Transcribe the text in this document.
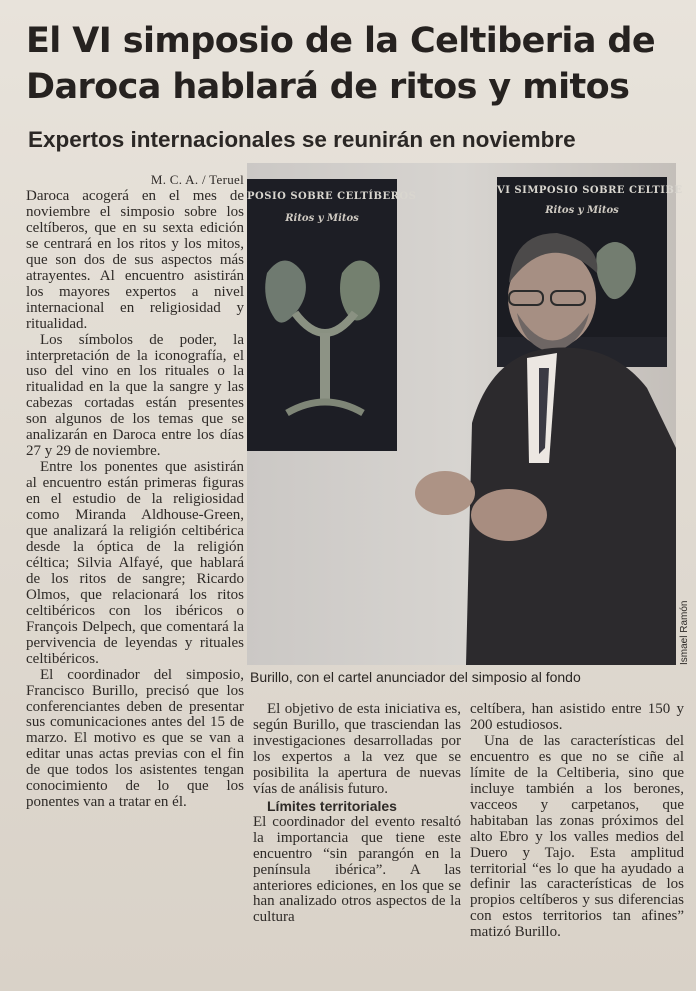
El VI simposio de la Celtiberia de Daroca hablará de ritos y mitos
Expertos internacionales se reunirán en noviembre
M. C. A. / Teruel

Daroca acogerá en el mes de noviembre el simposio sobre los celtíberos, que en su sexta edición se centrará en los ritos y los mitos, que son dos de sus aspectos más atrayentes. Al encuentro asistirán los mayores expertos a nivel internacional en religiosidad y ritualidad.

Los símbolos de poder, la interpretación de la iconografía, el uso del vino en los rituales o la ritualidad en la que la sangre y las cabezas cortadas están presentes son algunos de los temas que se analizarán en Daroca entre los días 27 y 29 de noviembre.

Entre los ponentes que asistirán al encuentro están primeras figuras en el estudio de la religiosidad como Miranda Aldhouse-Green, que analizará la religión celtibérica desde la óptica de la religión céltica; Silvia Alfayé, que hablará de los ritos de sangre; Ricardo Olmos, que relacionará los ritos celtibéricos con los ibéricos o François Delpech, que comentará la pervivencia de leyendas y rituales celtibéricos.

El coordinador del simposio, Francisco Burillo, precisó que los conferenciantes deben de presentar sus comunicaciones antes del 15 de marzo. El motivo es que se van a editar unas actas previas con el fin de que todos los asistentes tengan conocimiento de lo que los ponentes van a tratar en él.

POSIO SOBRE CELTÍBEROS
Ritos y Mitos
VI SIMPOSIO SOBRE CELTIBE
Ritos y Mitos
Ismael Ramón

Burillo, con el cartel anunciador del simposio al fondo

El objetivo de esta iniciativa es, según Burillo, que trasciendan las investigaciones desarrolladas por los expertos a la vez que se posibilita la apertura de nuevas vías de análisis futuro.

Límites territoriales

El coordinador del evento resaltó la importancia que tiene este encuentro “sin parangón en la península ibérica”. A las anteriores ediciones, en los que se han analizado otros aspectos de la cultura

celtíbera, han asistido entre 150 y 200 estudiosos.

Una de las características del encuentro es que no se ciñe al límite de la Celtiberia, sino que incluye también a los berones, vacceos y carpetanos, que habitaban las zonas próximos del alto Ebro y los valles medios del Duero y Tajo. Esta amplitud territorial “es lo que ha ayudado a definir las características de los propios celtíberos y sus diferencias con estos territorios tan afines” matizó Burillo.
